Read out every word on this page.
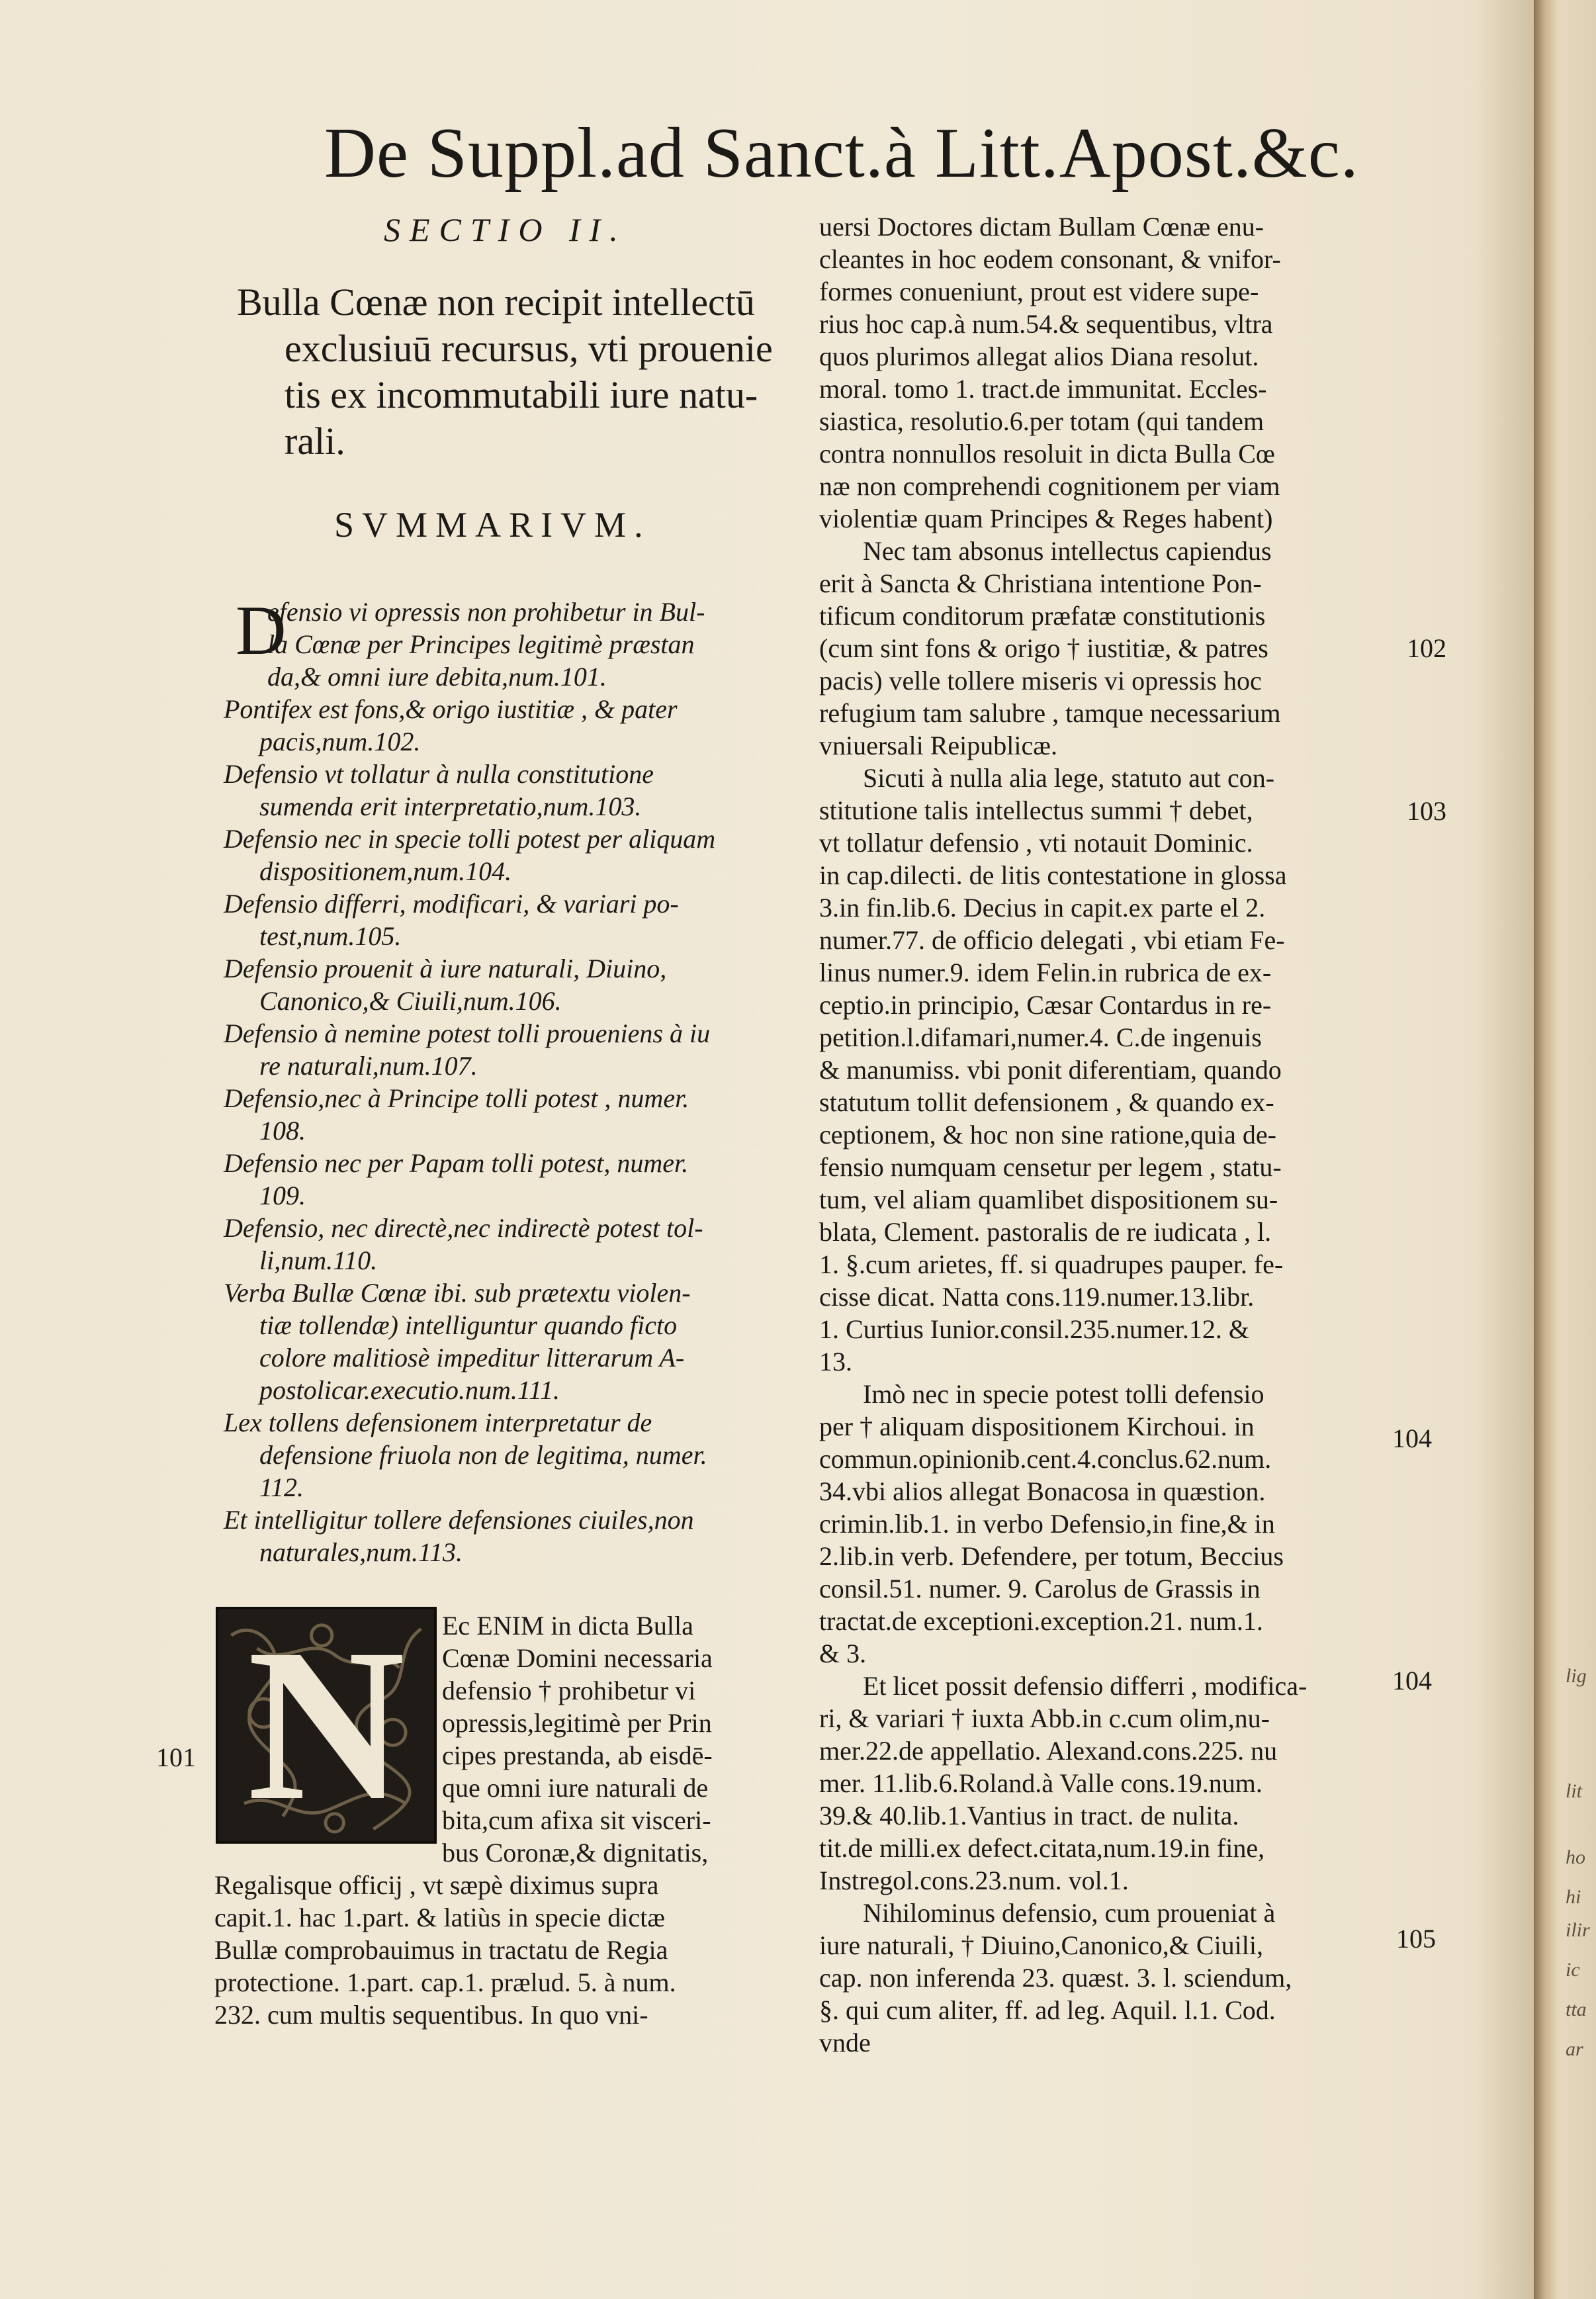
De Suppl.ad Sanct.à Litt.Apost.&c.
SECTIO II.
Bulla Cœnæ non recipit intellectū
exclusiuū recursus, vti prouenie
tis ex incommutabili iure natu-
rali.
SVMMARIVM.
D
efensio vi opressis non prohibetur in Bul-
la Cœnæ per Principes legitimè præstan
da,& omni iure debita,num.101.
Pontifex est fons,& origo iustitiæ , & pater
pacis,num.102.
Defensio vt tollatur à nulla constitutione
sumenda erit interpretatio,num.103.
Defensio nec in specie tolli potest per aliquam
dispositionem,num.104.
Defensio differri, modificari, & variari po-
test,num.105.
Defensio prouenit à iure naturali, Diuino,
Canonico,& Ciuili,num.106.
Defensio à nemine potest tolli proueniens à iu
re naturali,num.107.
Defensio,nec à Principe tolli potest , numer.
108.
Defensio nec per Papam tolli potest, numer.
109.
Defensio, nec directè,nec indirectè potest tol-
li,num.110.
Verba Bullæ Cœnæ ibi. sub prætextu violen-
tiæ tollendæ) intelliguntur quando ficto
colore malitiosè impeditur litterarum A-
postolicar.executio.num.111.
Lex tollens defensionem interpretatur de
defensione friuola non de legitima, numer.
112.
Et intelligitur tollere defensiones ciuiles,non
naturales,num.113.
N	Ec ENIM in dicta Bulla
Cœnæ Domini necessaria
defensio † prohibetur vi
opressis,legitimè per Prin
cipes prestanda, ab eisdē-
que omni iure naturali de
bita,cum afixa sit visceri-
bus Coronæ,& dignitatis,
Regalisque officij , vt sæpè diximus supra
capit.1. hac 1.part. & latiùs in specie dictæ
Bullæ comprobauimus in tractatu de Regia
protectione. 1.part. cap.1. prælud. 5. à num.
232. cum multis sequentibus. In quo vni-
uersi Doctores dictam Bullam Cœnæ enu-
cleantes in hoc eodem consonant, & vnifor-
formes conueniunt, prout est videre supe-
rius hoc cap.à num.54.& sequentibus, vltra
quos plurimos allegat alios Diana resolut.
moral. tomo 1. tract.de immunitat. Eccles-
siastica, resolutio.6.per totam (qui tandem
contra nonnullos resoluit in dicta Bulla Cœ
næ non comprehendi cognitionem per viam
violentiæ quam Principes & Reges habent)
Nec tam absonus intellectus capiendus
erit à Sancta & Christiana intentione Pon-
tificum conditorum præfatæ constitutionis
(cum sint fons & origo † iustitiæ, & patres
pacis) velle tollere miseris vi opressis hoc
refugium tam salubre , tamque necessarium
vniuersali Reipublicæ.
Sicuti à nulla alia lege, statuto aut con-
stitutione talis intellectus summi † debet,
vt tollatur defensio , vti notauit Dominic.
in cap.dilecti. de litis contestatione in glossa
3.in fin.lib.6. Decius in capit.ex parte el 2.
numer.77. de officio delegati , vbi etiam Fe-
linus numer.9. idem Felin.in rubrica de ex-
ceptio.in principio, Cæsar Contardus in re-
petition.l.difamari,numer.4. C.de ingenuis
& manumiss. vbi ponit diferentiam, quando
statutum tollit defensionem , & quando ex-
ceptionem, & hoc non sine ratione,quia de-
fensio numquam censetur per legem , statu-
tum, vel aliam quamlibet dispositionem su-
blata, Clement. pastoralis de re iudicata , l.
1. §.cum arietes, ff. si quadrupes pauper. fe-
cisse dicat. Natta cons.119.numer.13.libr.
1. Curtius Iunior.consil.235.numer.12. &
13.
Imò nec in specie potest tolli defensio
per † aliquam dispositionem Kirchoui. in
commun.opinionib.cent.4.conclus.62.num.
34.vbi alios allegat Bonacosa in quæstion.
crimin.lib.1. in verbo Defensio,in fine,& in
2.lib.in verb. Defendere, per totum, Beccius
consil.51. numer. 9. Carolus de Grassis in
tractat.de exceptioni.exception.21. num.1.
& 3.
Et licet possit defensio differri , modifica-
ri, & variari † iuxta Abb.in c.cum olim,nu-
mer.22.de appellatio. Alexand.cons.225. nu
mer. 11.lib.6.Roland.à Valle cons.19.num.
39.& 40.lib.1.Vantius in tract. de nulita.
tit.de milli.ex defect.citata,num.19.in fine,
Instregol.cons.23.num. vol.1.
Nihilominus defensio, cum proueniat à
iure naturali, † Diuino,Canonico,& Ciuili,
cap. non inferenda 23. quæst. 3. l. sciendum,
§. qui cum aliter, ff. ad leg. Aquil. l.1. Cod.
vnde
101
102
103
104
104
105
lig
lit
ho
hi
ilir
ic
tta
ar
